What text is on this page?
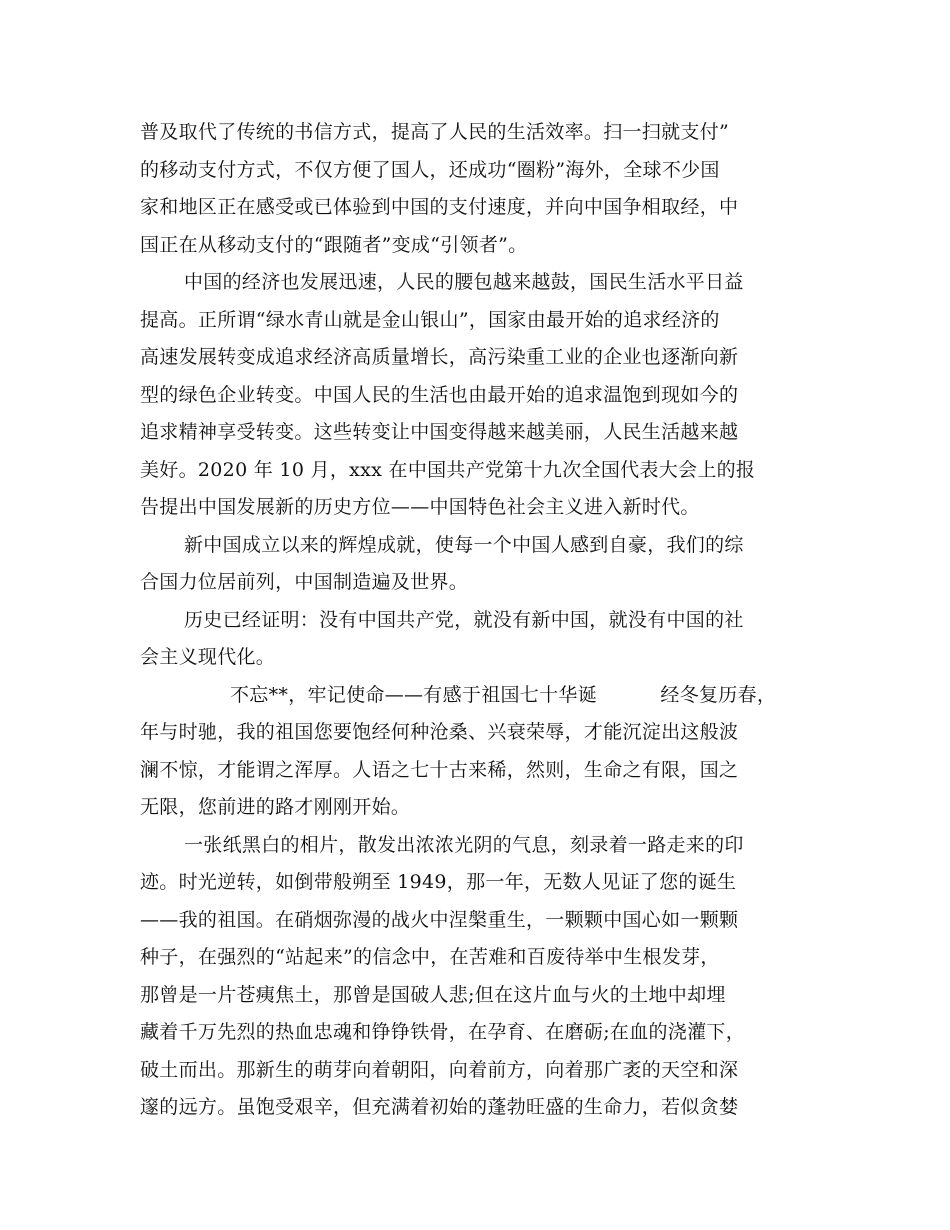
普及取代了传统的书信方式，提高了人民的生活效率。扫一扫就支付”
的移动支付方式，不仅方便了国人，还成功“圈粉”海外，全球不少国
家和地区正在感受或已体验到中国的支付速度，并向中国争相取经，中
国正在从移动支付的“跟随者”变成“引领者”。
中国的经济也发展迅速，人民的腰包越来越鼓，国民生活水平日益
提高。正所谓“绿水青山就是金山银山”，国家由最开始的追求经济的
高速发展转变成追求经济高质量增长，高污染重工业的企业也逐渐向新
型的绿色企业转变。中国人民的生活也由最开始的追求温饱到现如今的
追求精神享受转变。这些转变让中国变得越来越美丽，人民生活越来越
美好。2020 年 10 月，xxx 在中国共产党第十九次全国代表大会上的报
告提出中国发展新的历史方位——中国特色社会主义进入新时代。
新中国成立以来的辉煌成就，使每一个中国人感到自豪，我们的综
合国力位居前列，中国制造遍及世界。
历史已经证明：没有中国共产党，就没有新中国，就没有中国的社
会主义现代化。
不忘**，牢记使命——有感于祖国七十华诞          经冬复历春，
年与时驰，我的祖国您要饱经何种沧桑、兴衰荣辱，才能沉淀出这般波
澜不惊，才能谓之浑厚。人语之七十古来稀，然则，生命之有限，国之
无限，您前进的路才刚刚开始。
一张纸黑白的相片，散发出浓浓光阴的气息，刻录着一路走来的印
迹。时光逆转，如倒带般朔至 1949，那一年，无数人见证了您的诞生
——我的祖国。在硝烟弥漫的战火中涅槃重生，一颗颗中国心如一颗颗
种子，在强烈的“站起来”的信念中，在苦难和百废待举中生根发芽，
那曾是一片苍痍焦土，那曾是国破人悲;但在这片血与火的土地中却埋
藏着千万先烈的热血忠魂和铮铮铁骨，在孕育、在磨砺;在血的浇灌下，
破土而出。那新生的萌芽向着朝阳，向着前方，向着那广袤的天空和深
邃的远方。虽饱受艰辛，但充满着初始的蓬勃旺盛的生命力，若似贪婪
